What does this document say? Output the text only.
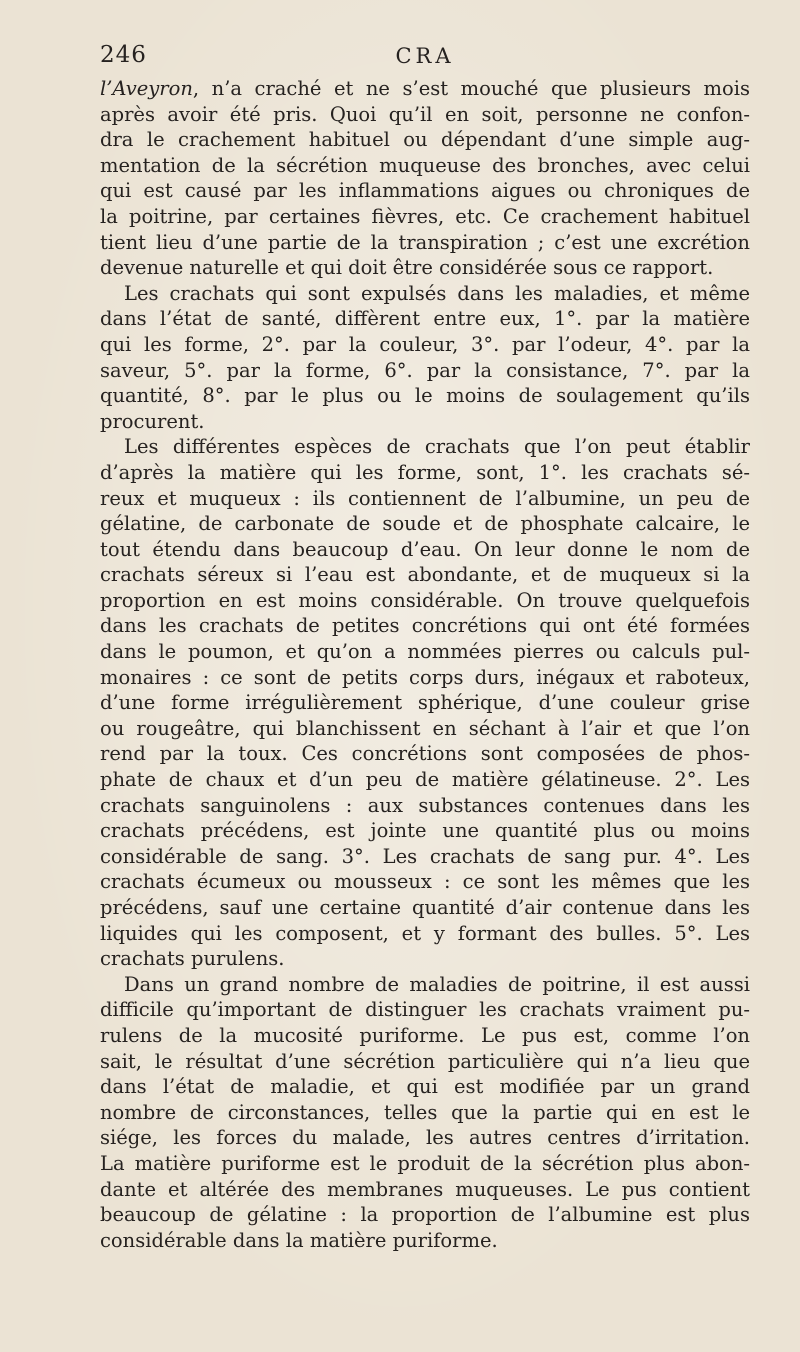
246	CRA
l’Aveyron, n’a craché et ne s’est mouché que plusieurs mois
après avoir été pris. Quoi qu’il en soit, personne ne confon-
dra le crachement habituel ou dépendant d’une simple aug-
mentation de la sécrétion muqueuse des bronches, avec celui
qui est causé par les inflammations aigues ou chroniques de
la poitrine, par certaines fièvres, etc. Ce crachement habituel
tient lieu d’une partie de la transpiration ; c’est une excrétion
devenue naturelle et qui doit être considérée sous ce rapport.
Les crachats qui sont expulsés dans les maladies, et même
dans l’état de santé, diffèrent entre eux, 1°. par la matière
qui les forme, 2°. par la couleur, 3°. par l’odeur, 4°. par la
saveur, 5°. par la forme, 6°. par la consistance, 7°. par la
quantité, 8°. par le plus ou le moins de soulagement qu’ils
procurent.
Les différentes espèces de crachats que l’on peut établir
d’après la matière qui les forme, sont, 1°. les crachats sé-
reux et muqueux : ils contiennent de l’albumine, un peu de
gélatine, de carbonate de soude et de phosphate calcaire, le
tout étendu dans beaucoup d’eau. On leur donne le nom de
crachats séreux si l’eau est abondante, et de muqueux si la
proportion en est moins considérable. On trouve quelquefois
dans les crachats de petites concrétions qui ont été formées
dans le poumon, et qu’on a nommées pierres ou calculs pul-
monaires : ce sont de petits corps durs, inégaux et raboteux,
d’une forme irrégulièrement sphérique, d’une couleur grise
ou rougeâtre, qui blanchissent en séchant à l’air et que l’on
rend par la toux. Ces concrétions sont composées de phos-
phate de chaux et d’un peu de matière gélatineuse. 2°. Les
crachats sanguinolens : aux substances contenues dans les
crachats précédens, est jointe une quantité plus ou moins
considérable de sang. 3°. Les crachats de sang pur. 4°. Les
crachats écumeux ou mousseux : ce sont les mêmes que les
précédens, sauf une certaine quantité d’air contenue dans les
liquides qui les composent, et y formant des bulles. 5°. Les
crachats purulens.
Dans un grand nombre de maladies de poitrine, il est aussi
difficile qu’important de distinguer les crachats vraiment pu-
rulens de la mucosité puriforme. Le pus est, comme l’on
sait, le résultat d’une sécrétion particulière qui n’a lieu que
dans l’état de maladie, et qui est modifiée par un grand
nombre de circonstances, telles que la partie qui en est le
siége, les forces du malade, les autres centres d’irritation.
La matière puriforme est le produit de la sécrétion plus abon-
dante et altérée des membranes muqueuses. Le pus contient
beaucoup de gélatine : la proportion de l’albumine est plus
considérable dans la matière puriforme.
